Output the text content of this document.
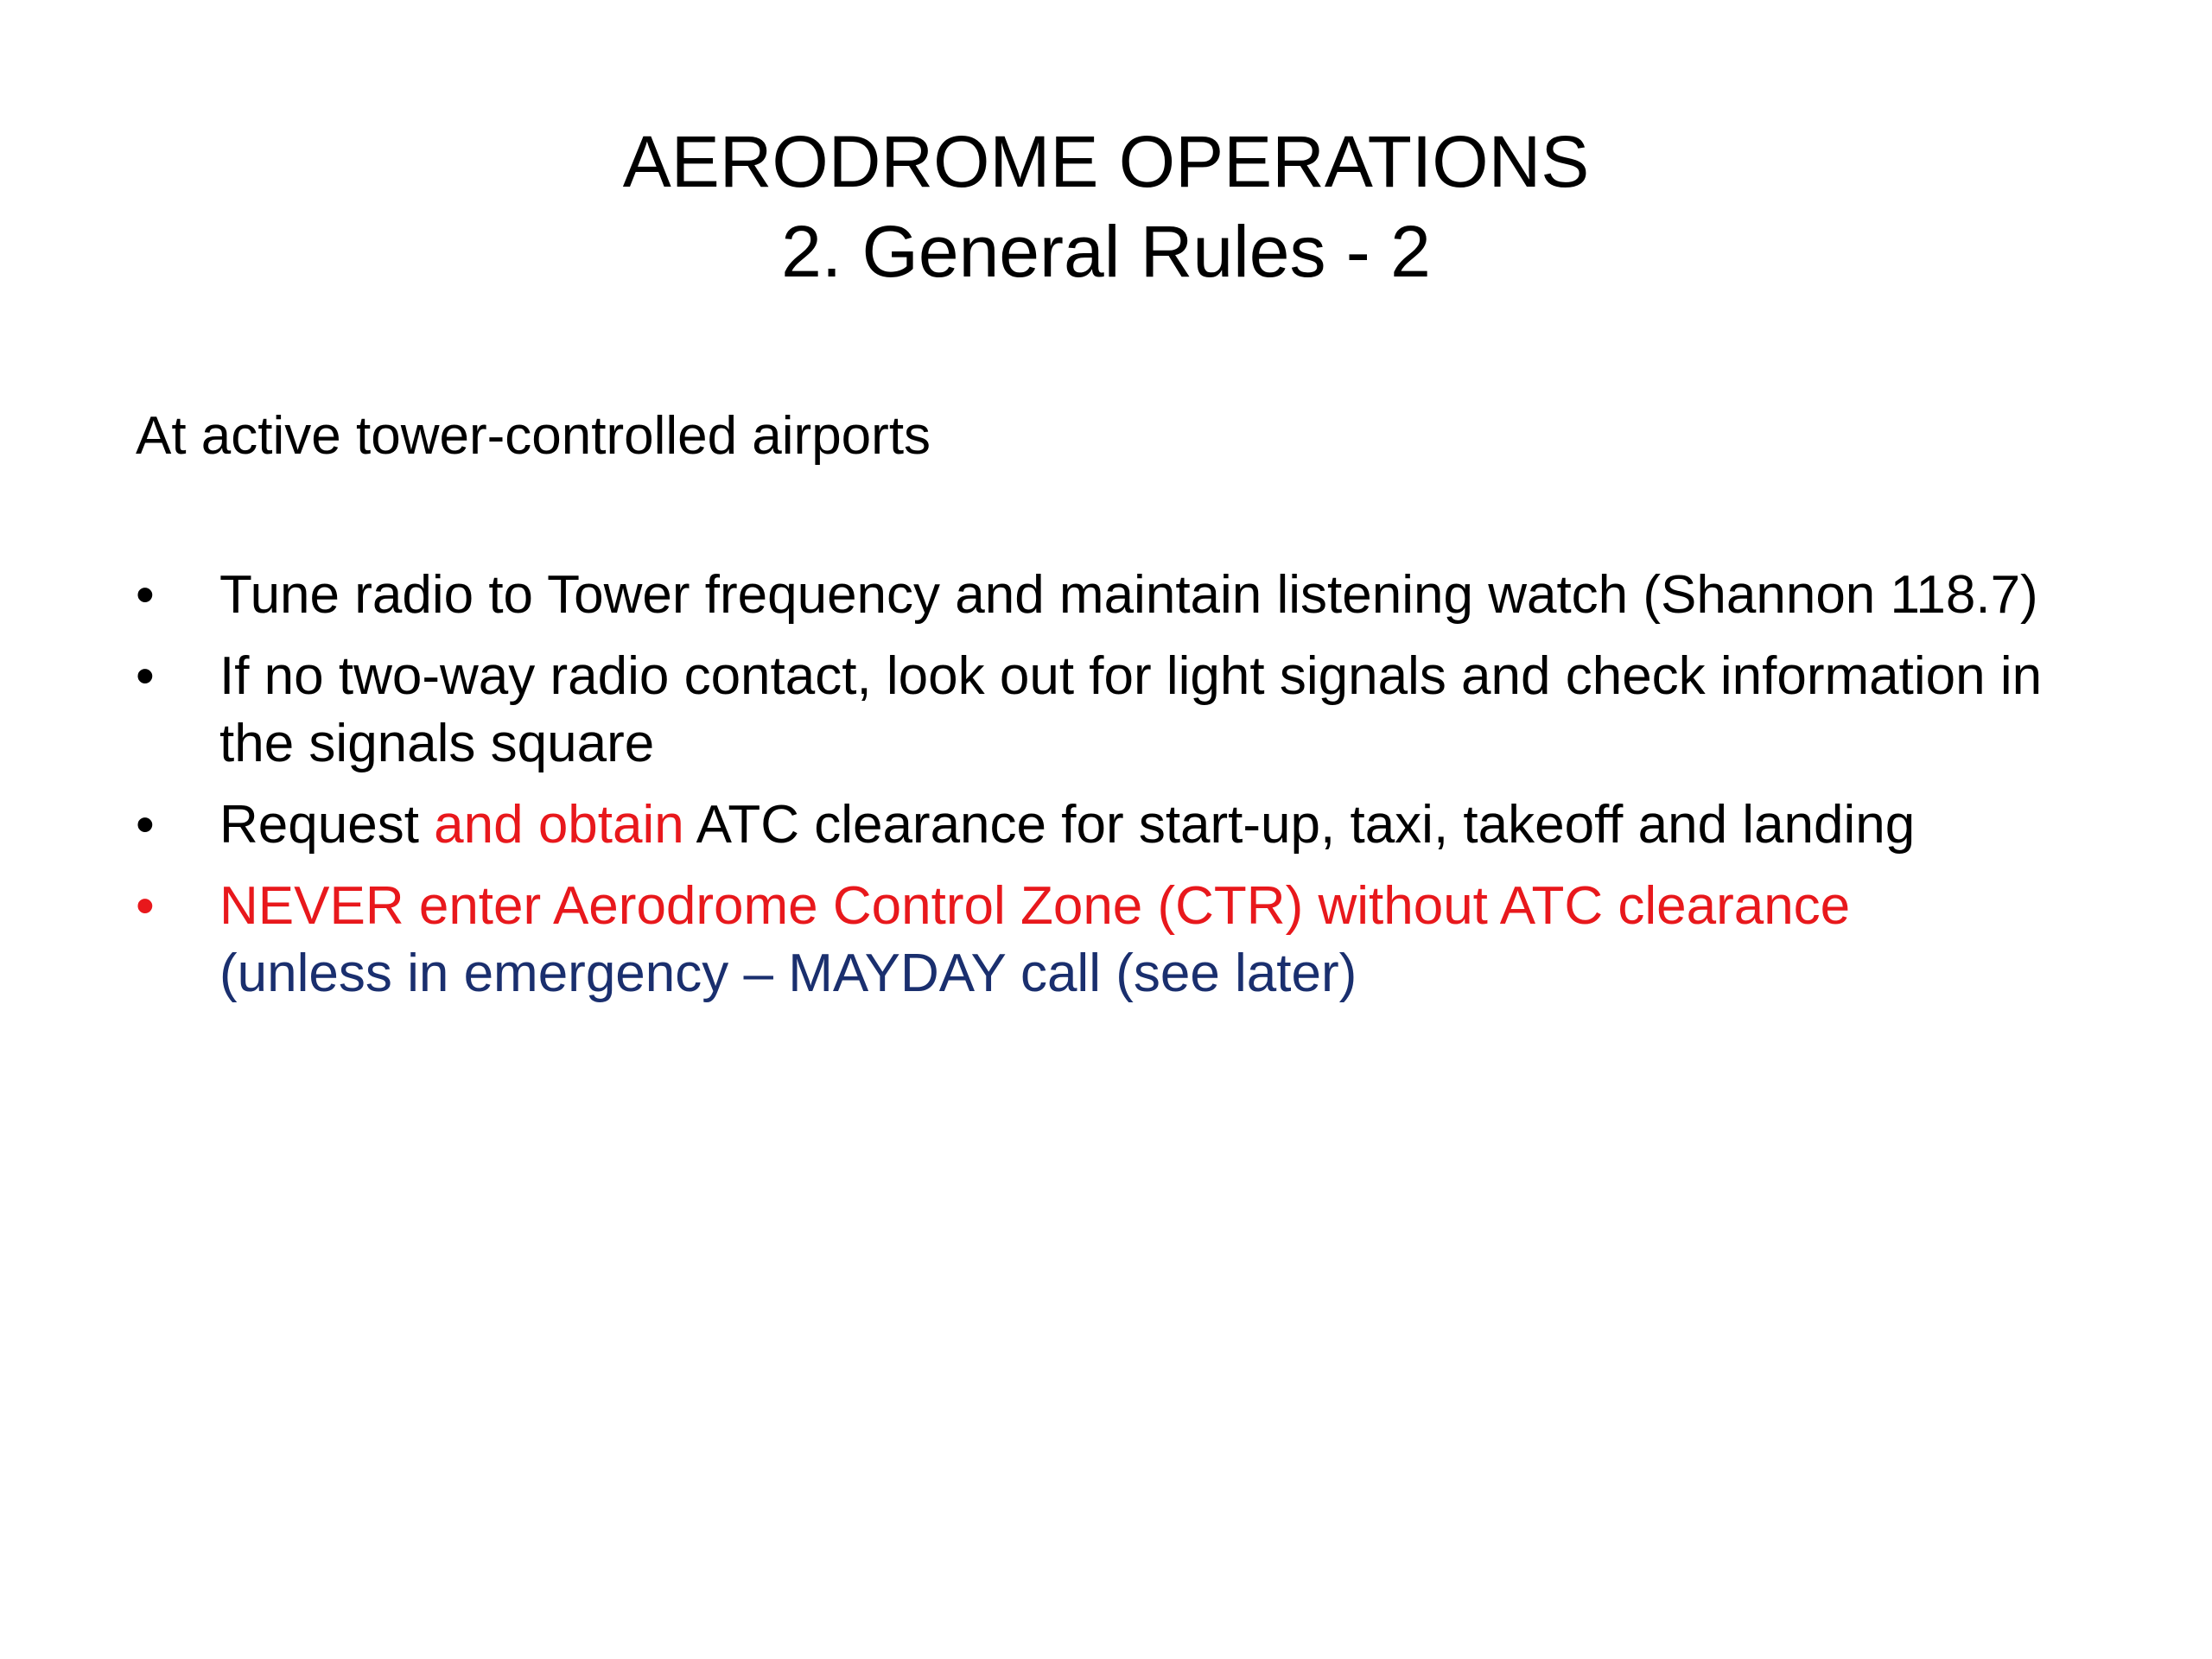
AERODROME OPERATIONS
2. General Rules - 2
At active tower-controlled airports
• Tune radio to Tower frequency and maintain listening watch (Shannon 118.7)
• If no two-way radio contact, look out for light signals and check information in the signals square
• Request and obtain ATC clearance for start-up, taxi, takeoff and landing
• NEVER enter Aerodrome Control Zone (CTR) without ATC clearance
(unless in emergency – MAYDAY call (see later)
